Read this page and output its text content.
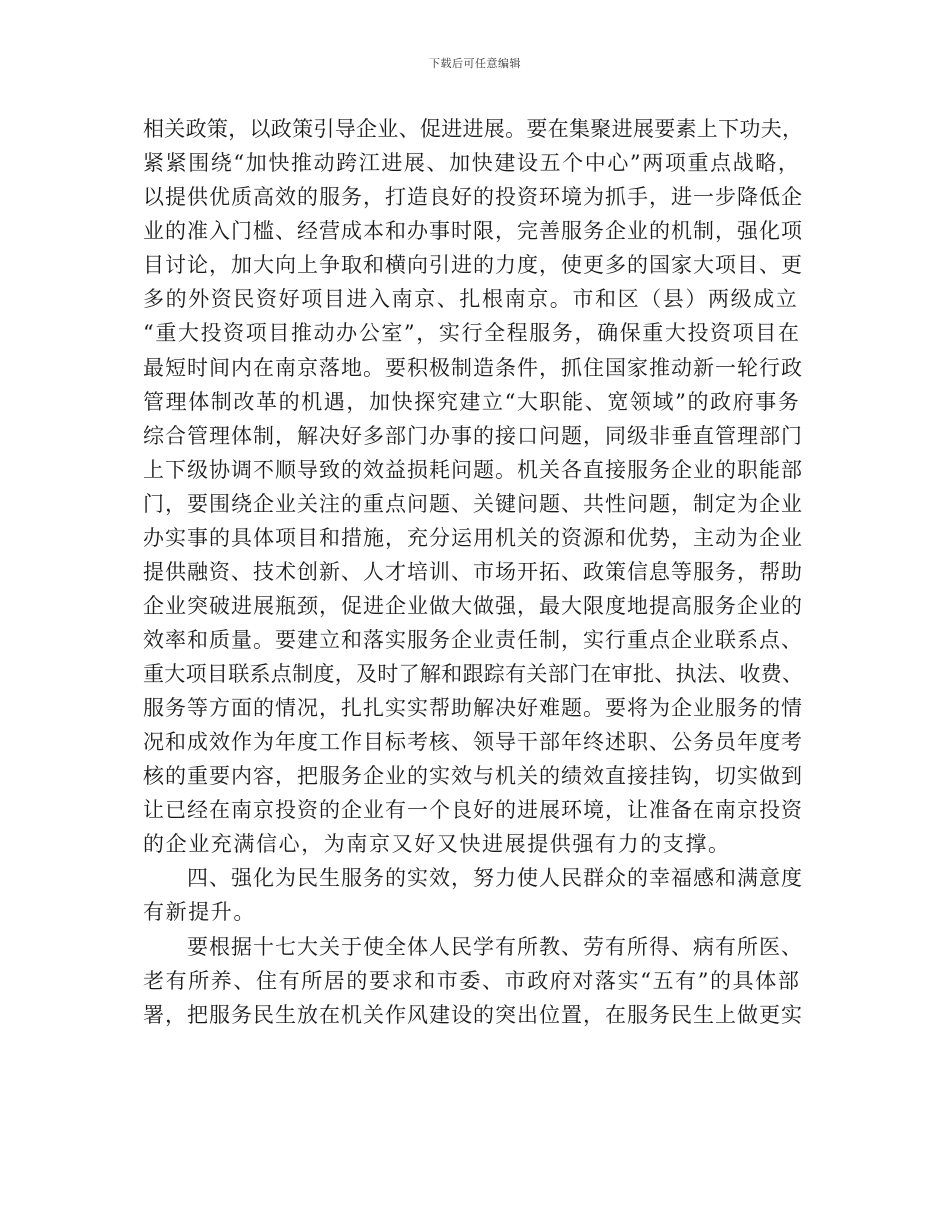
下载后可任意编辑
相关政策，以政策引导企业、促进进展。要在集聚进展要素上下功夫，
紧紧围绕“加快推动跨江进展、加快建设五个中心”两项重点战略，
以提供优质高效的服务，打造良好的投资环境为抓手，进一步降低企
业的准入门槛、经营成本和办事时限，完善服务企业的机制，强化项
目讨论，加大向上争取和横向引进的力度，使更多的国家大项目、更
多的外资民资好项目进入南京、扎根南京。市和区（县）两级成立
“重大投资项目推动办公室”，实行全程服务，确保重大投资项目在
最短时间内在南京落地。要积极制造条件，抓住国家推动新一轮行政
管理体制改革的机遇，加快探究建立“大职能、宽领域”的政府事务
综合管理体制，解决好多部门办事的接口问题，同级非垂直管理部门
上下级协调不顺导致的效益损耗问题。机关各直接服务企业的职能部
门，要围绕企业关注的重点问题、关键问题、共性问题，制定为企业
办实事的具体项目和措施，充分运用机关的资源和优势，主动为企业
提供融资、技术创新、人才培训、市场开拓、政策信息等服务，帮助
企业突破进展瓶颈，促进企业做大做强，最大限度地提高服务企业的
效率和质量。要建立和落实服务企业责任制，实行重点企业联系点、
重大项目联系点制度，及时了解和跟踪有关部门在审批、执法、收费、
服务等方面的情况，扎扎实实帮助解决好难题。要将为企业服务的情
况和成效作为年度工作目标考核、领导干部年终述职、公务员年度考
核的重要内容，把服务企业的实效与机关的绩效直接挂钩，切实做到
让已经在南京投资的企业有一个良好的进展环境，让准备在南京投资
的企业充满信心，为南京又好又快进展提供强有力的支撑。
四、强化为民生服务的实效，努力使人民群众的幸福感和满意度
有新提升。
要根据十七大关于使全体人民学有所教、劳有所得、病有所医、
老有所养、住有所居的要求和市委、市政府对落实“五有”的具体部
署，把服务民生放在机关作风建设的突出位置，在服务民生上做更实
